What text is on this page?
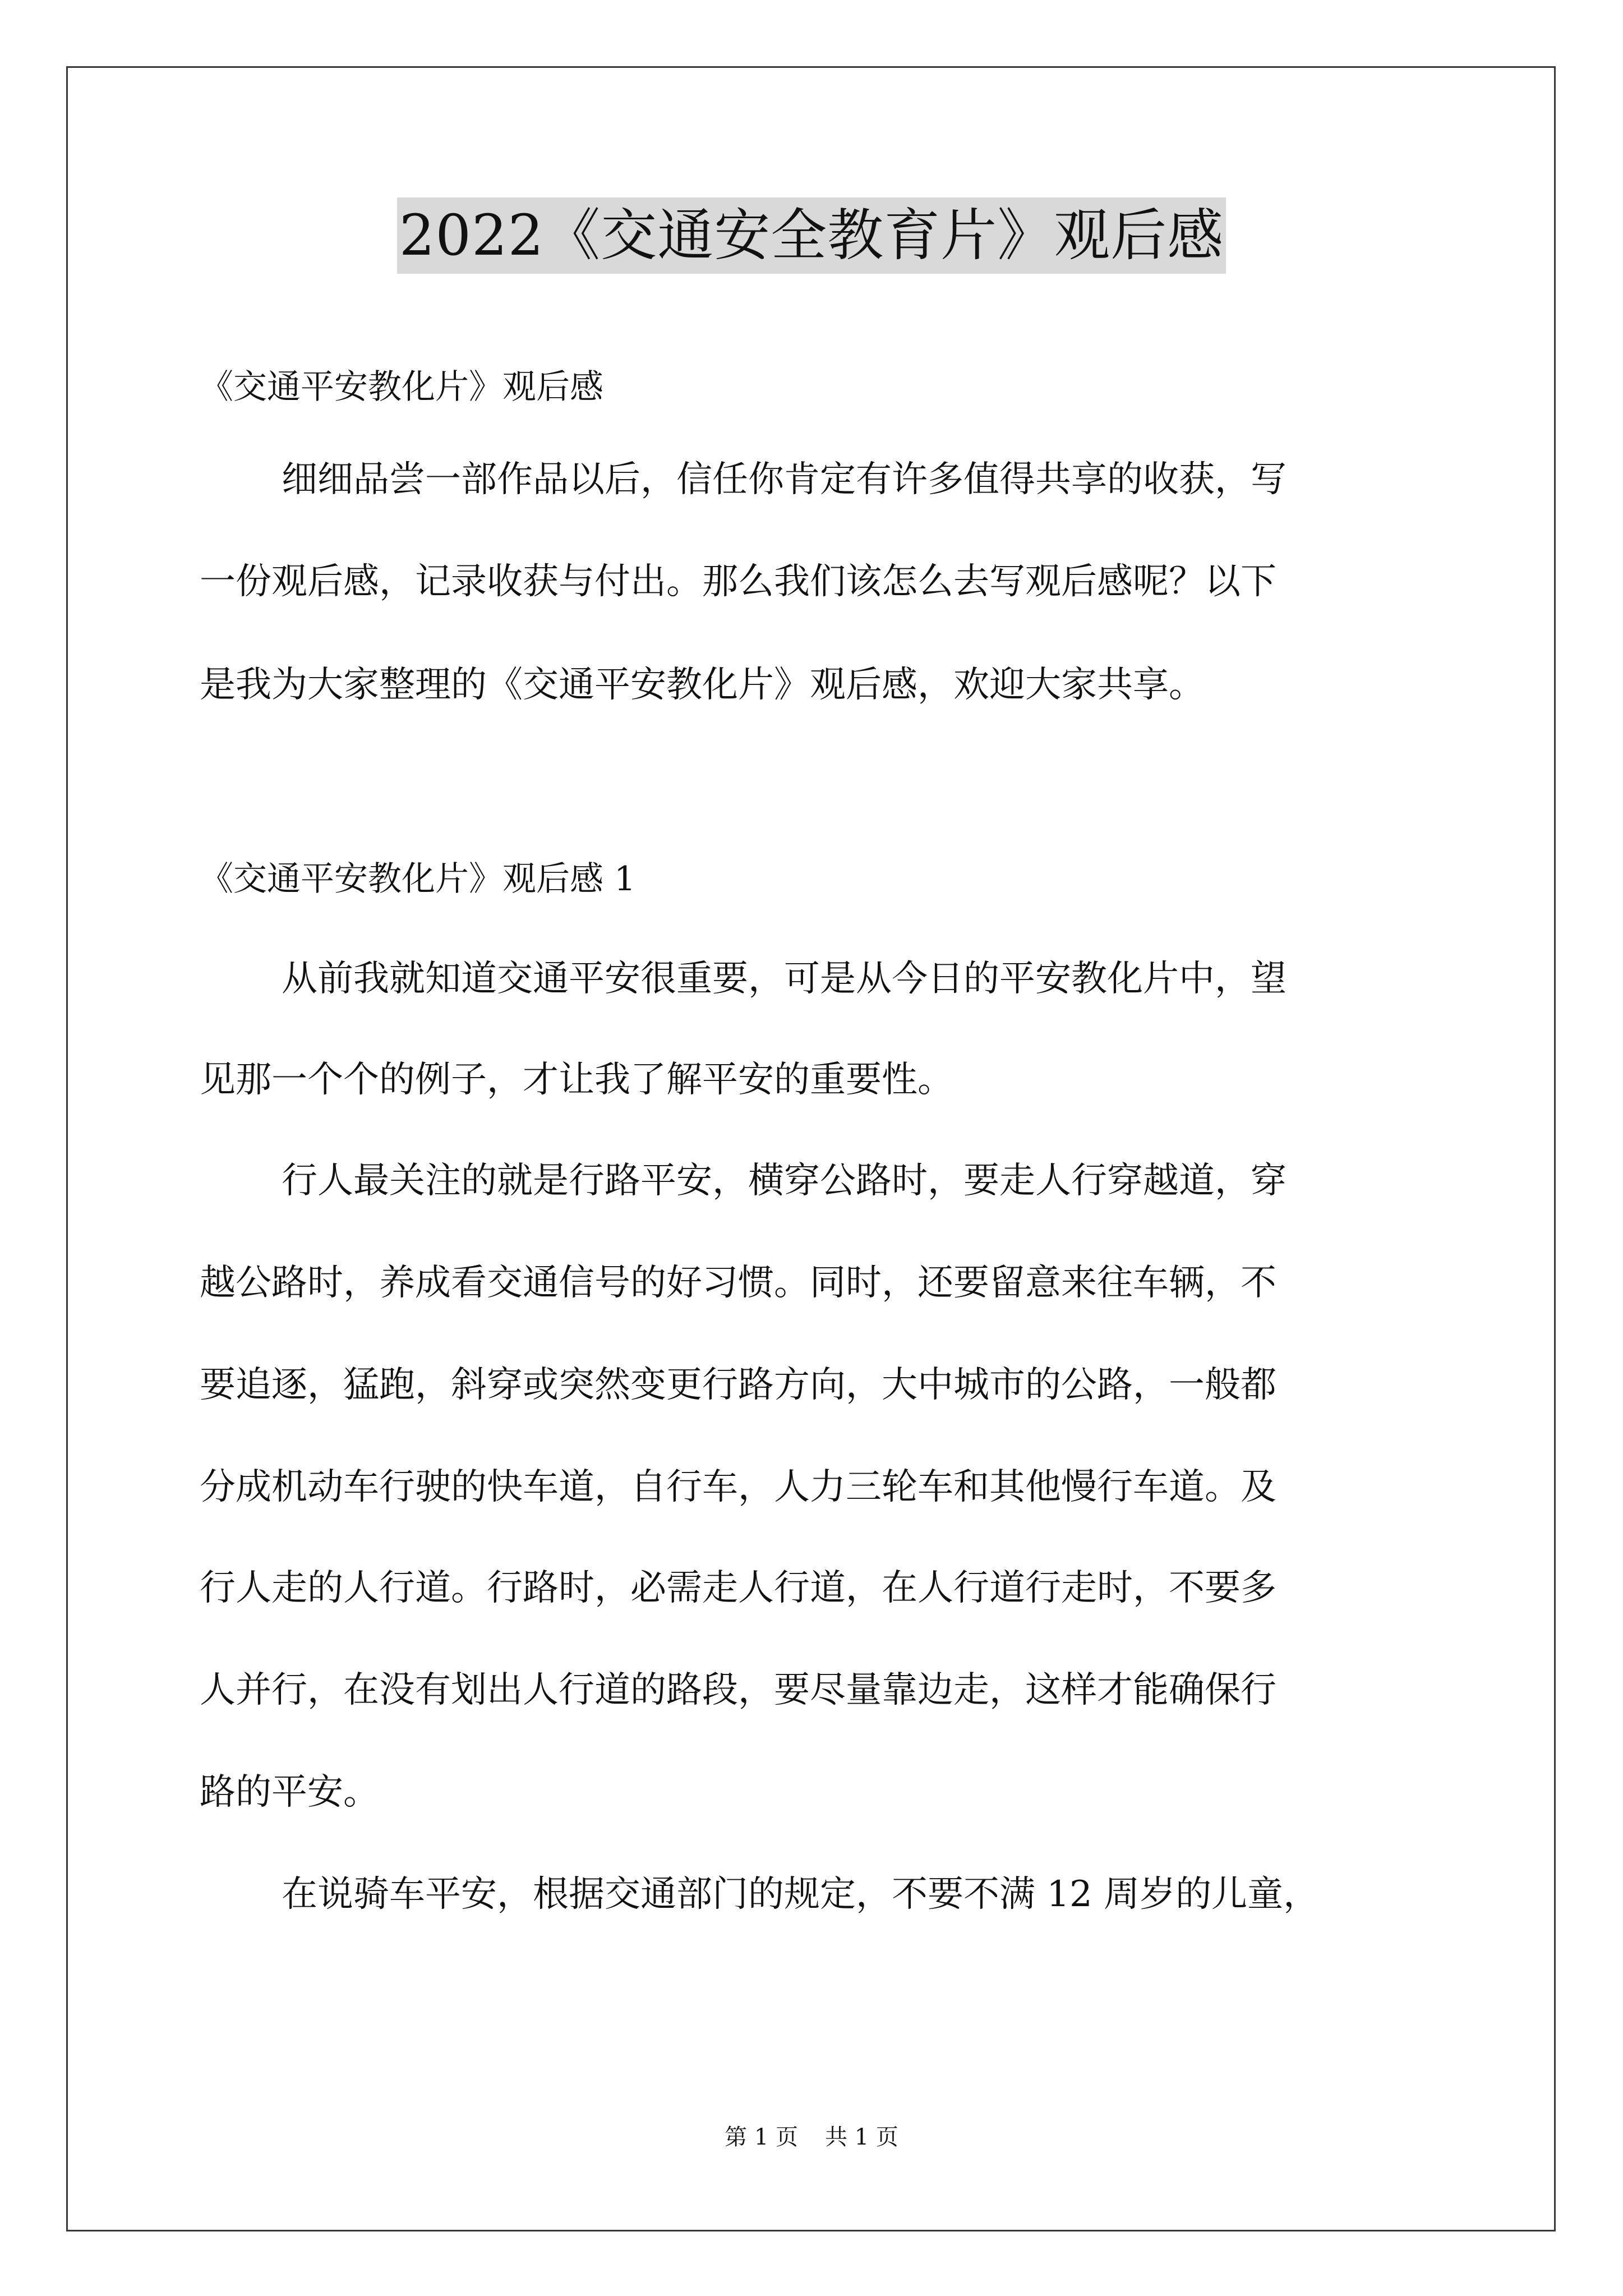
2022《交通安全教育片》观后感
《交通平安教化片》观后感
细细品尝一部作品以后，信任你肯定有许多值得共享的收获，写
一份观后感，记录收获与付出。那么我们该怎么去写观后感呢？以下
是我为大家整理的《交通平安教化片》观后感，欢迎大家共享。
《交通平安教化片》观后感 1
从前我就知道交通平安很重要，可是从今日的平安教化片中，望
见那一个个的例子，才让我了解平安的重要性。
行人最关注的就是行路平安，横穿公路时，要走人行穿越道，穿
越公路时，养成看交通信号的好习惯。同时，还要留意来往车辆，不
要追逐，猛跑，斜穿或突然变更行路方向，大中城市的公路，一般都
分成机动车行驶的快车道，自行车，人力三轮车和其他慢行车道。及
行人走的人行道。行路时，必需走人行道，在人行道行走时，不要多
人并行，在没有划出人行道的路段，要尽量靠边走，这样才能确保行
路的平安。
在说骑车平安，根据交通部门的规定，不要不满 12 周岁的儿童，
第 1 页 共 1 页
